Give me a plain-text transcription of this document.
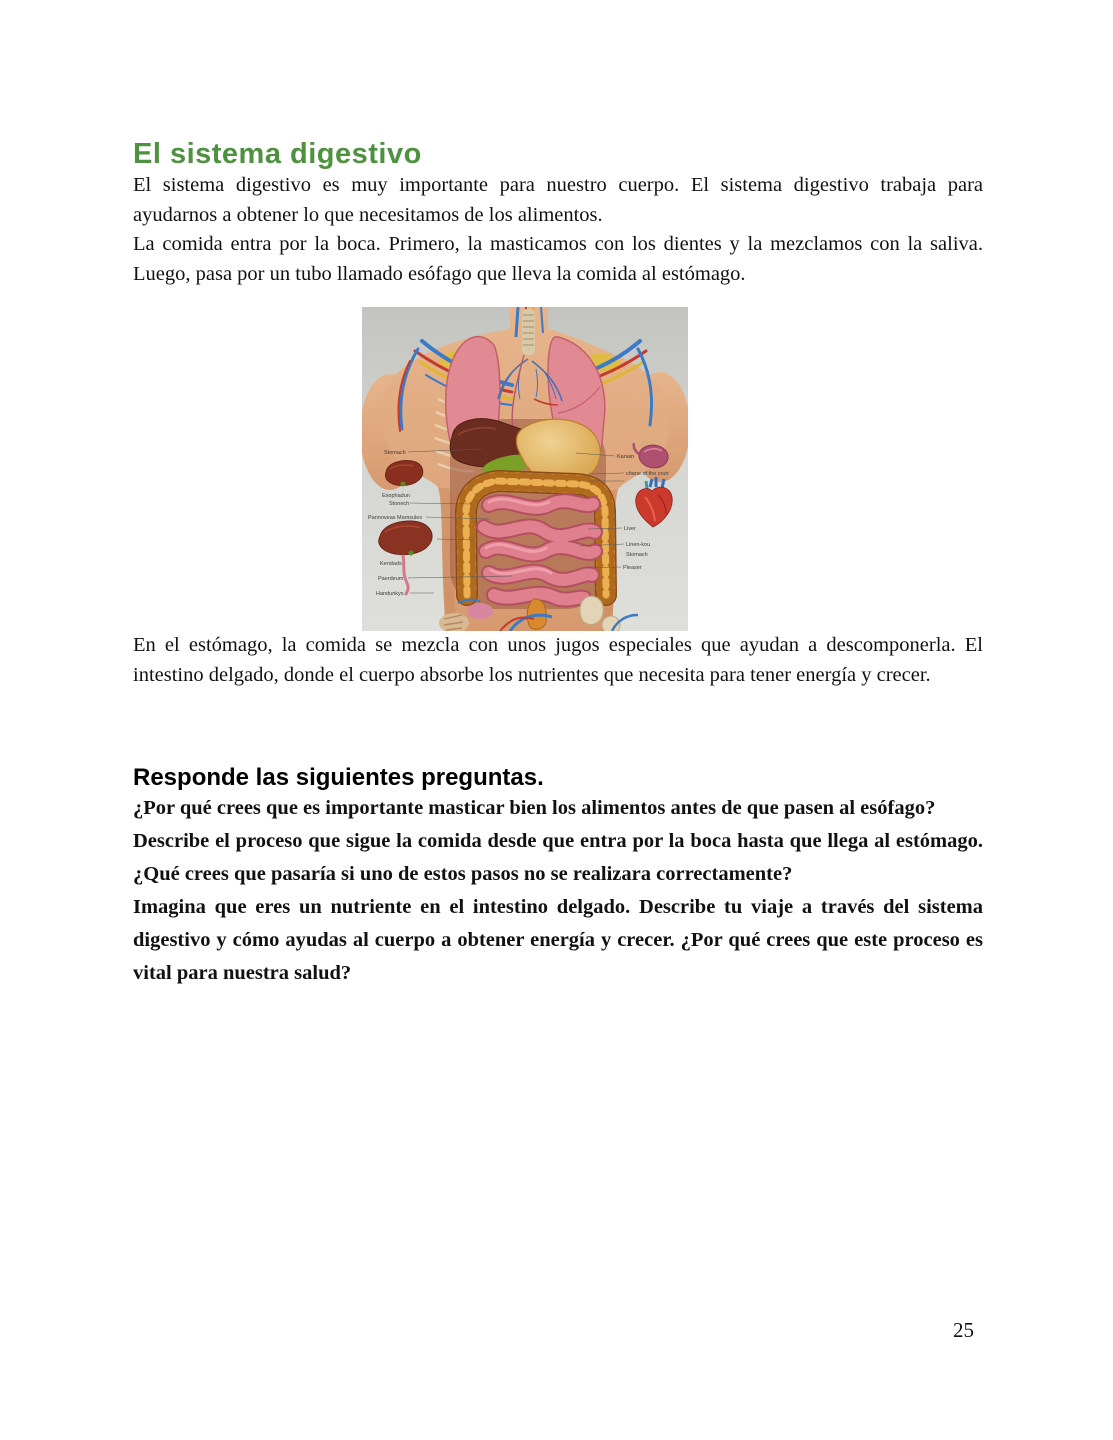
El sistema digestivo

El sistema digestivo es muy importante para nuestro cuerpo. El sistema digestivo trabaja para ayudarnos a obtener lo que necesitamos de los alimentos.

La comida entra por la boca. Primero, la masticamos con los dientes y la mezclamos con la saliva. Luego, pasa por un tubo llamado esófago que lleva la comida al estómago.

Stomach
Esophadun
Stonech
Pannoveas Mamsules
Kendads
Paerdeum
Handunkys
Kanain
chane of the crun
Liver
Linen-kou
Stomach
Pleaser

En el estómago, la comida se mezcla con unos jugos especiales que ayudan a descomponerla. El intestino delgado, donde el cuerpo absorbe los nutrientes que necesita para tener energía y crecer.

Responde las siguientes preguntas.

¿Por qué crees que es importante masticar bien los alimentos antes de que pasen al esófago?

Describe el proceso que sigue la comida desde que entra por la boca hasta que llega al estómago. ¿Qué crees que pasaría si uno de estos pasos no se realizara correctamente?

Imagina que eres un nutriente en el intestino delgado. Describe tu viaje a través del sistema digestivo y cómo ayudas al cuerpo a obtener energía y crecer. ¿Por qué crees que este proceso es vital para nuestra salud?

25
